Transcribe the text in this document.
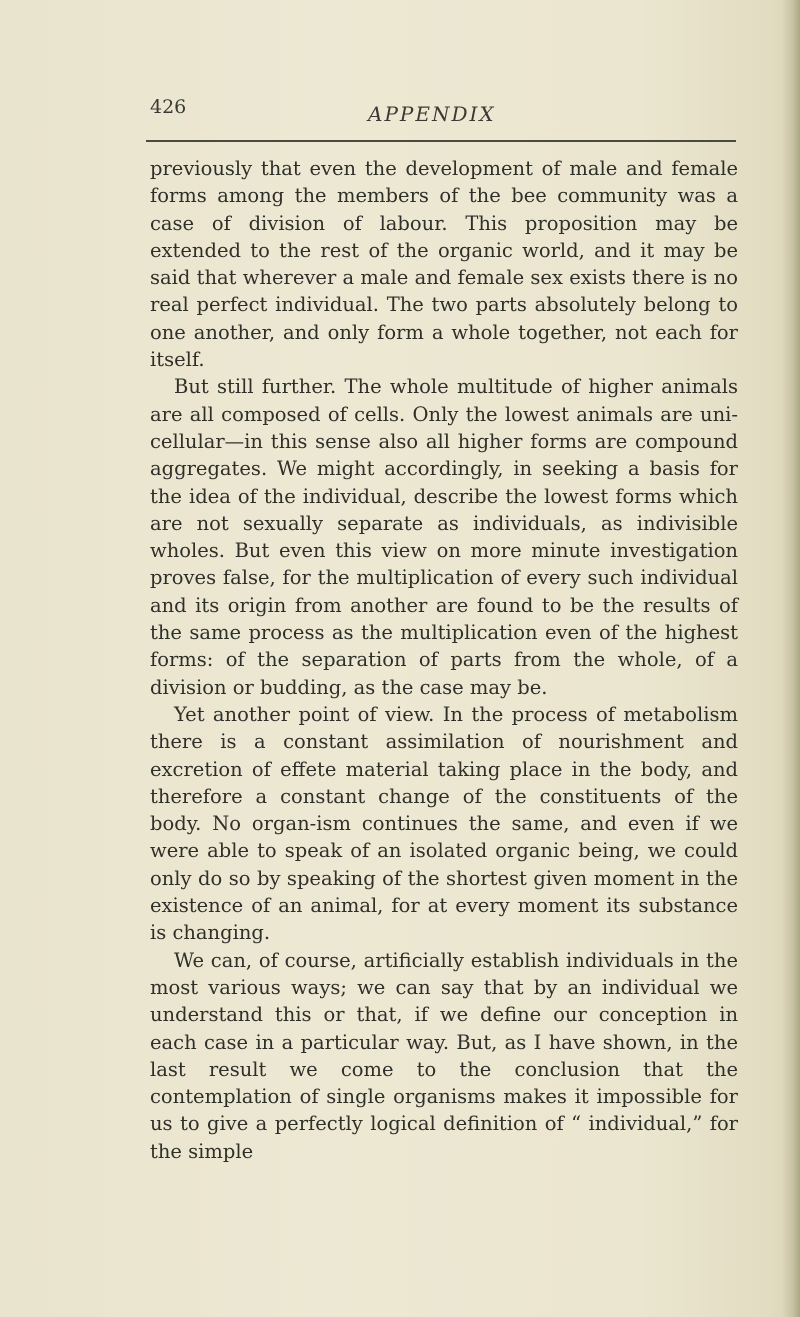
426	APPENDIX

previously that even the development of male and female forms among the members of the bee community was a case of division of labour. This proposition may be extended to the rest of the organic world, and it may be said that wherever a male and female sex exists there is no real perfect individual. The two parts absolutely belong to one another, and only form a whole together, not each for itself.

But still further. The whole multitude of higher animals are all composed of cells. Only the lowest animals are uni-cellular—in this sense also all higher forms are compound aggregates. We might accordingly, in seeking a basis for the idea of the individual, describe the lowest forms which are not sexually separate as individuals, as indivisible wholes. But even this view on more minute investigation proves false, for the multiplication of every such individual and its origin from another are found to be the results of the same process as the multiplication even of the highest forms: of the separation of parts from the whole, of a division or budding, as the case may be.

Yet another point of view. In the process of metabolism there is a constant assimilation of nourishment and excretion of effete material taking place in the body, and therefore a constant change of the constituents of the body. No organ-ism continues the same, and even if we were able to speak of an isolated organic being, we could only do so by speaking of the shortest given moment in the existence of an animal, for at every moment its substance is changing.

We can, of course, artificially establish individuals in the most various ways; we can say that by an individual we understand this or that, if we define our conception in each case in a particular way. But, as I have shown, in the last result we come to the conclusion that the contemplation of single organisms makes it impossible for us to give a perfectly logical definition of “ individual,” for the simple
